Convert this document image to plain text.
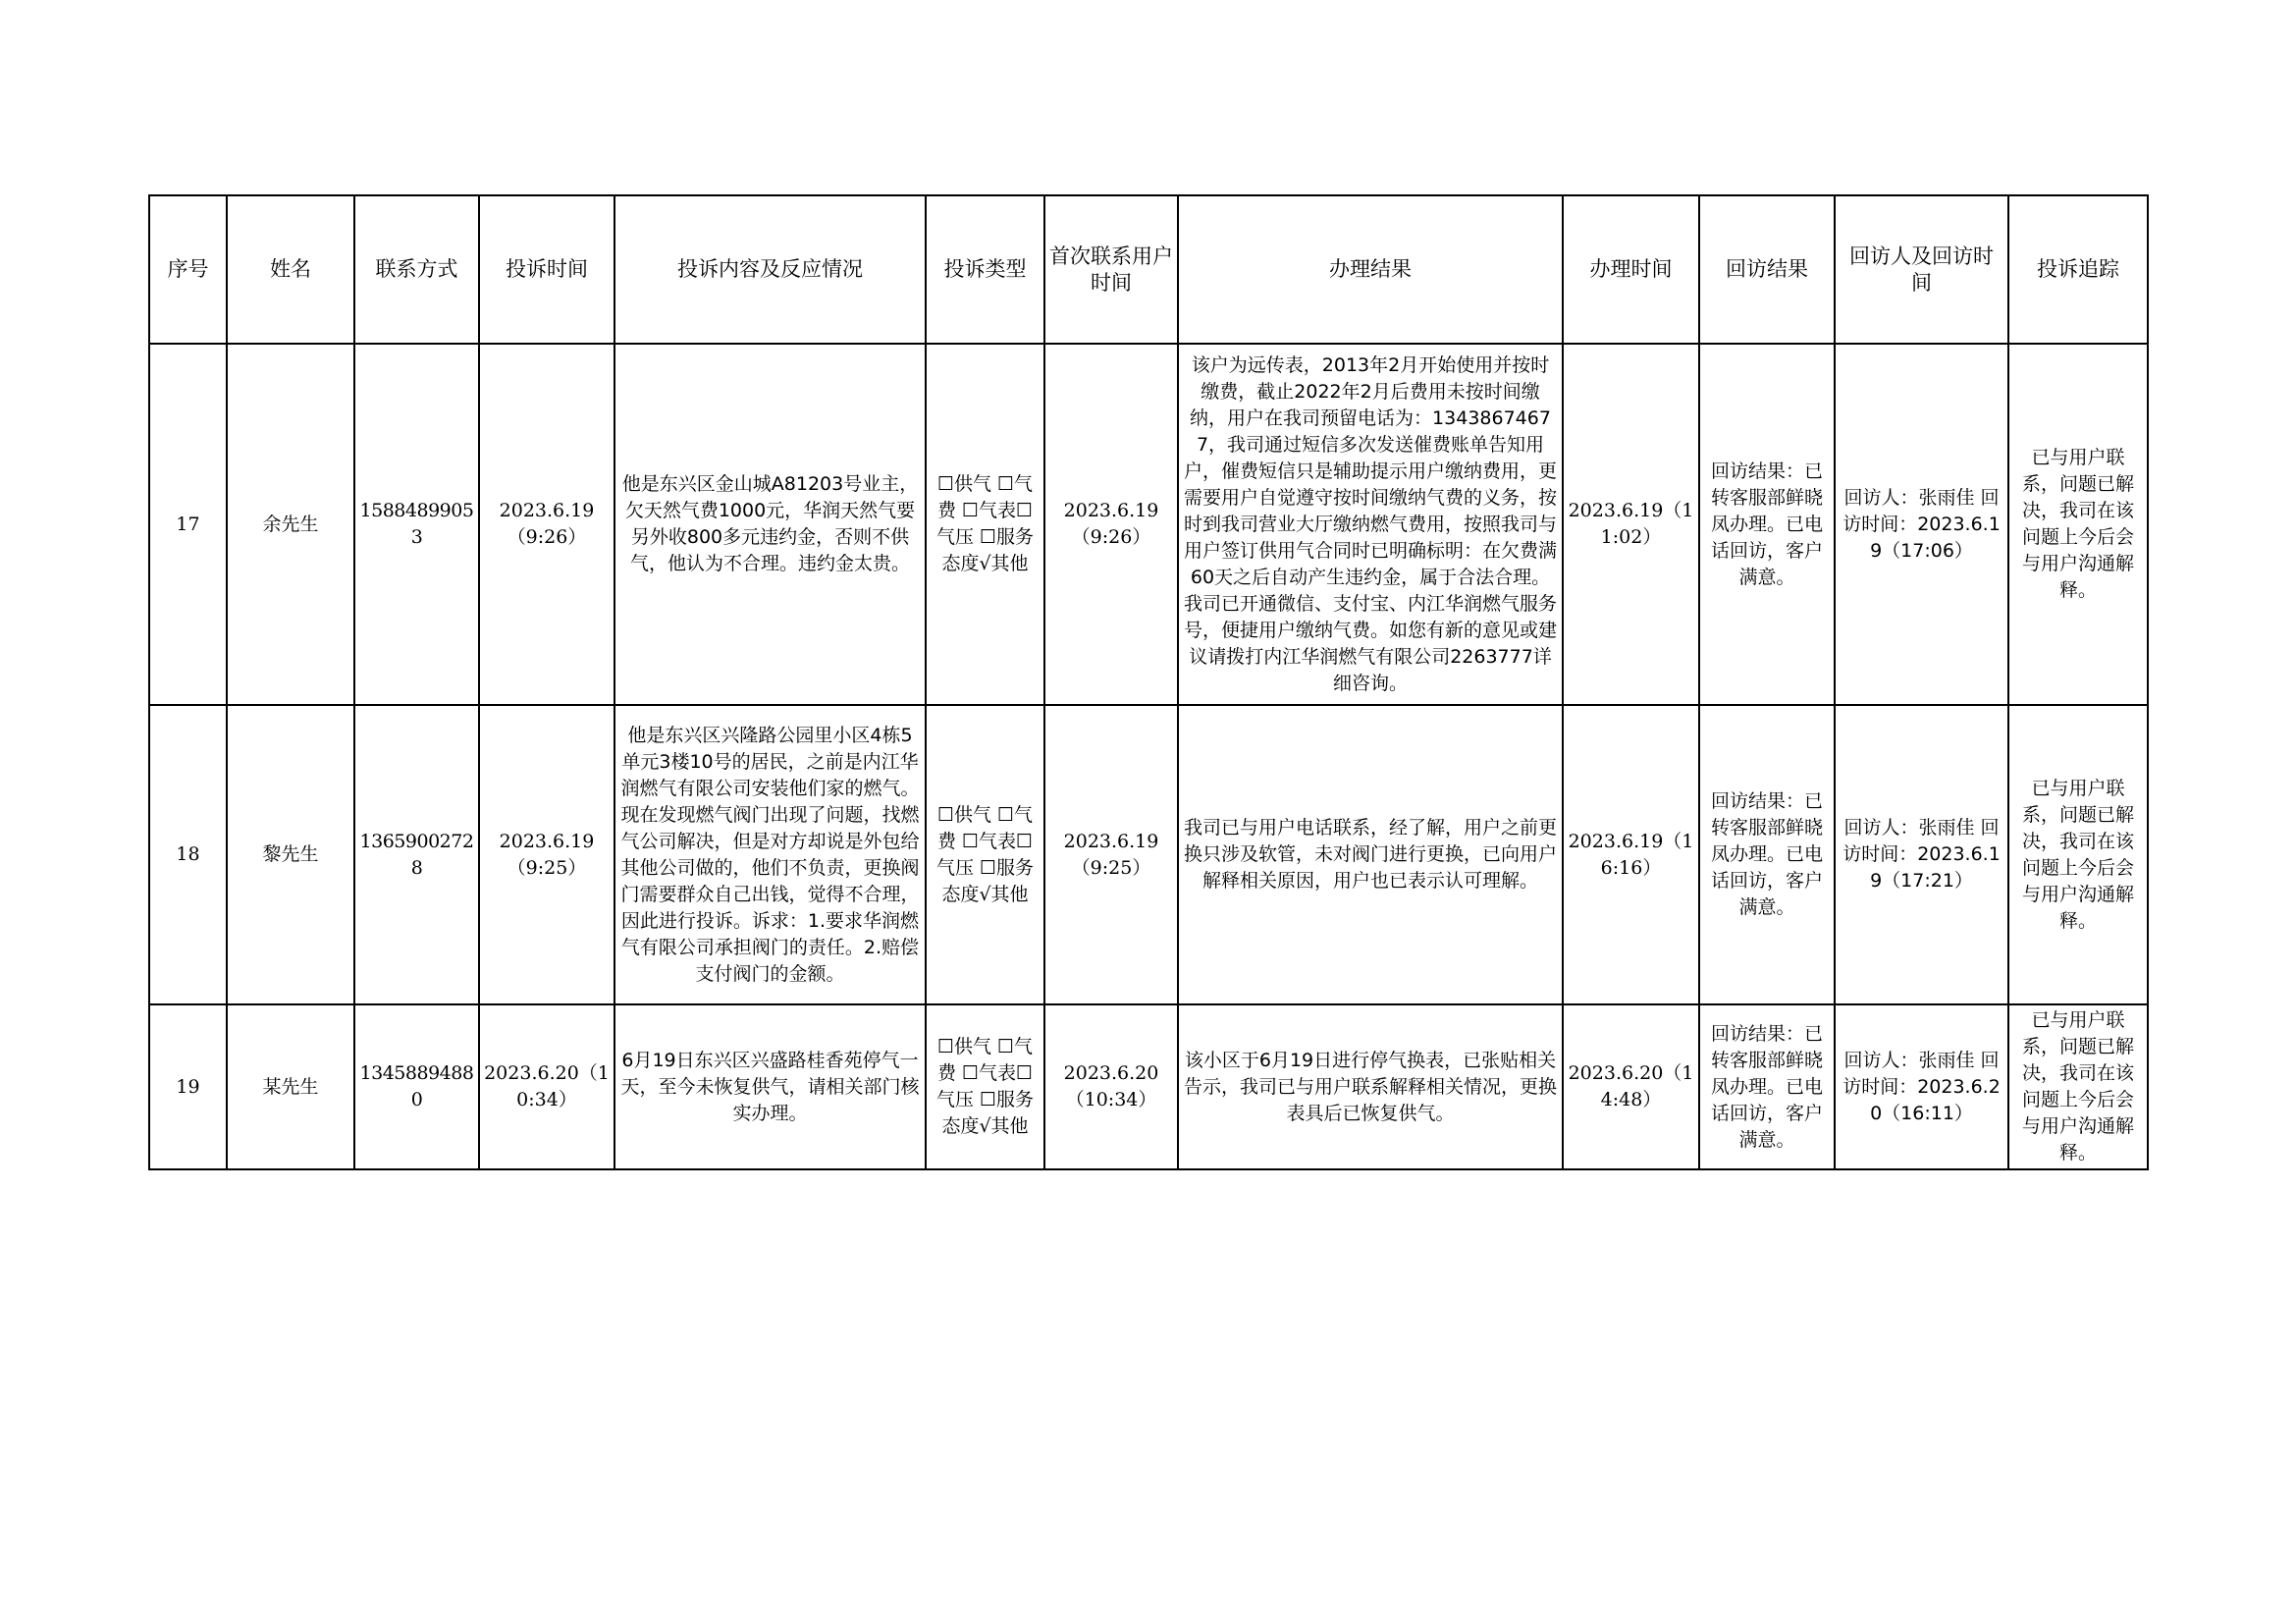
序号	姓名	联系方式	投诉时间	投诉内容及反应情况	投诉类型	首次联系用户时间	办理结果	办理时间	回访结果	回访人及回访时间	投诉追踪
17	余先生	15884899053	2023.6.19（9:26）	他是东兴区金山城A81203号业主，欠天然气费1000元，华润天然气要另外收800多元违约金，否则不供气，他认为不合理。违约金太贵。	☐供气 ☐气费 ☐气表☐气压 ☐服务态度√其他	2023.6.19（9:26）	该户为远传表，2013年2月开始使用并按时缴费，截止2022年2月后费用未按时间缴纳，用户在我司预留电话为：13438674677，我司通过短信多次发送催费账单告知用户，催费短信只是辅助提示用户缴纳费用，更需要用户自觉遵守按时间缴纳气费的义务，按时到我司营业大厅缴纳燃气费用，按照我司与用户签订供用气合同时已明确标明：在欠费满60天之后自动产生违约金，属于合法合理。我司已开通微信、支付宝、内江华润燃气服务号，便捷用户缴纳气费。如您有新的意见或建议请拨打内江华润燃气有限公司2263777详细咨询。	2023.6.19（11:02）	回访结果：已转客服部鲜晓凤办理。已电话回访，客户满意。	回访人：张雨佳 回访时间：2023.6.19（17:06）	已与用户联系，问题已解决，我司在该问题上今后会与用户沟通解释。
18	黎先生	13659002728	2023.6.19（9:25）	他是东兴区兴隆路公园里小区4栋5单元3楼10号的居民，之前是内江华润燃气有限公司安装他们家的燃气。现在发现燃气阀门出现了问题，找燃气公司解决，但是对方却说是外包给其他公司做的，他们不负责，更换阀门需要群众自己出钱，觉得不合理，因此进行投诉。诉求：1.要求华润燃气有限公司承担阀门的责任。2.赔偿支付阀门的金额。	☐供气 ☐气费 ☐气表☐气压 ☐服务态度√其他	2023.6.19（9:25）	我司已与用户电话联系，经了解，用户之前更换只涉及软管，未对阀门进行更换，已向用户解释相关原因，用户也已表示认可理解。	2023.6.19（16:16）	回访结果：已转客服部鲜晓凤办理。已电话回访，客户满意。	回访人：张雨佳 回访时间：2023.6.19（17:21）	已与用户联系，问题已解决，我司在该问题上今后会与用户沟通解释。
19	某先生	13458894880	2023.6.20（10:34）	6月19日东兴区兴盛路桂香苑停气一天，至今未恢复供气，请相关部门核实办理。	☐供气 ☐气费 ☐气表☐气压 ☐服务态度√其他	2023.6.20（10:34）	该小区于6月19日进行停气换表，已张贴相关告示，我司已与用户联系解释相关情况，更换表具后已恢复供气。	2023.6.20（14:48）	回访结果：已转客服部鲜晓凤办理。已电话回访，客户满意。	回访人：张雨佳 回访时间：2023.6.20（16:11）	已与用户联系，问题已解决，我司在该问题上今后会与用户沟通解释。
